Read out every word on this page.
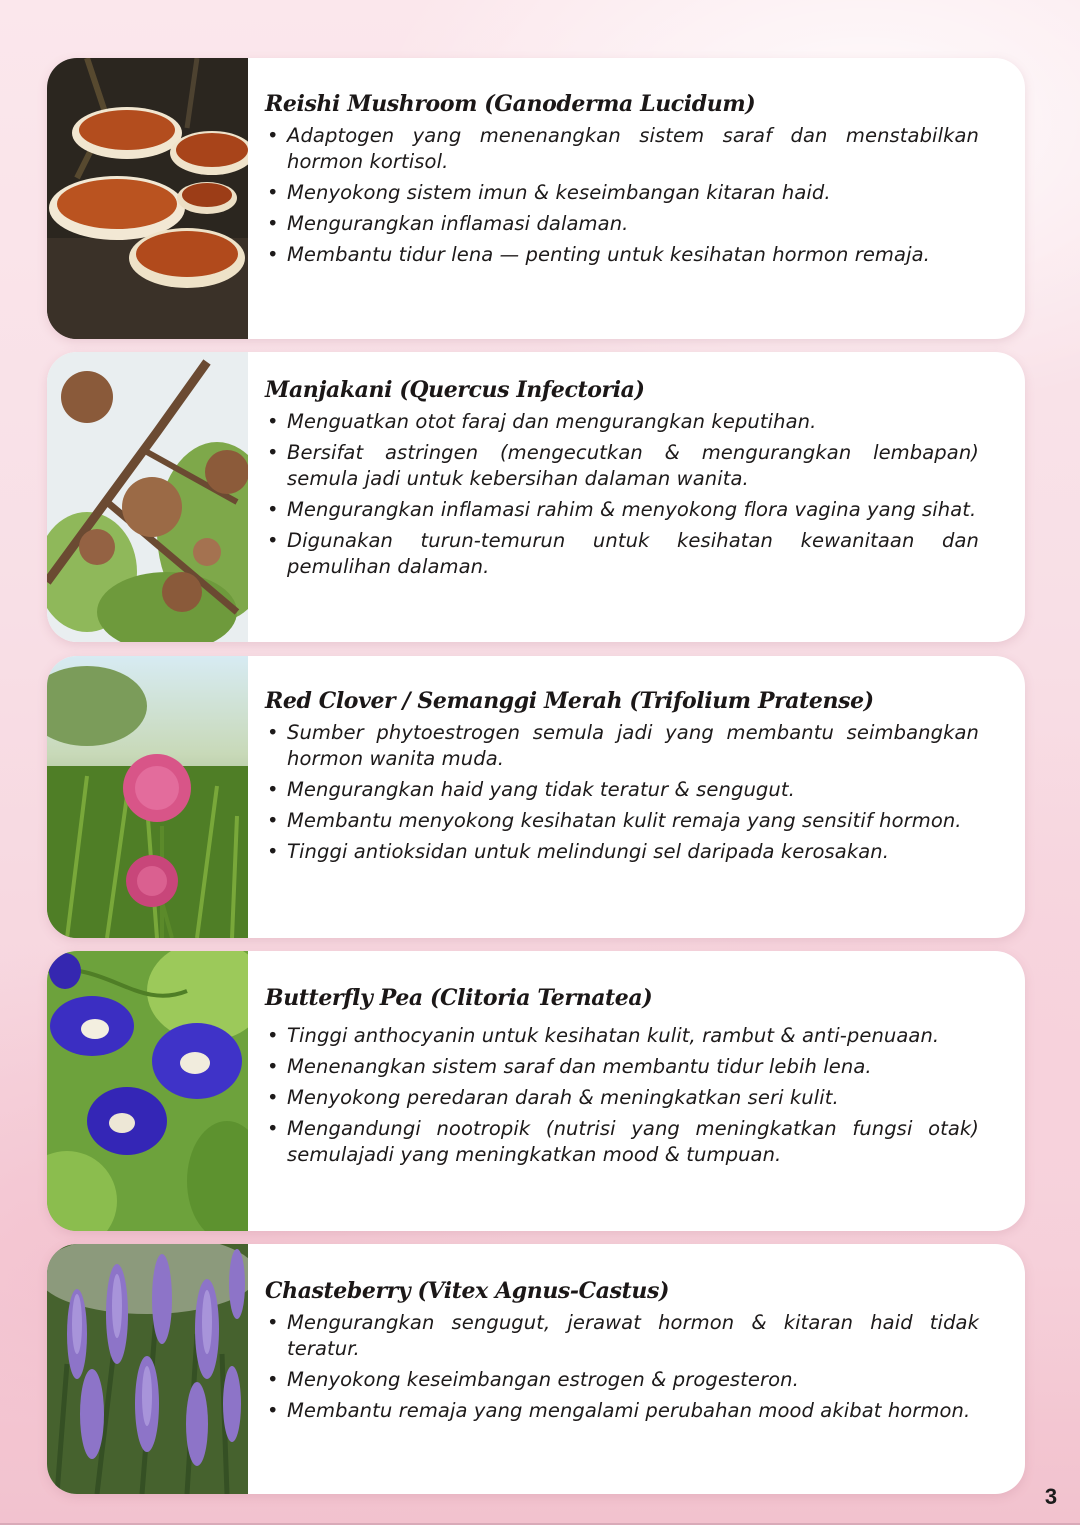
Reishi Mushroom (Ganoderma Lucidum)
• Adaptogen yang menenangkan sistem saraf dan menstabilkan hormon kortisol.
• Menyokong sistem imun & keseimbangan kitaran haid.
• Mengurangkan inflamasi dalaman.
• Membantu tidur lena — penting untuk kesihatan hormon remaja.
Manjakani (Quercus Infectoria)
• Menguatkan otot faraj dan mengurangkan keputihan.
• Bersifat astringen (mengecutkan & mengurangkan lembapan) semula jadi untuk kebersihan dalaman wanita.
• Mengurangkan inflamasi rahim & menyokong flora vagina yang sihat.
• Digunakan turun-temurun untuk kesihatan kewanitaan dan pemulihan dalaman.
Red Clover / Semanggi Merah (Trifolium Pratense)
• Sumber phytoestrogen semula jadi yang membantu seimbangkan hormon wanita muda.
• Mengurangkan haid yang tidak teratur & sengugut.
• Membantu menyokong kesihatan kulit remaja yang sensitif hormon.
• Tinggi antioksidan untuk melindungi sel daripada kerosakan.
Butterfly Pea (Clitoria Ternatea)
• Tinggi anthocyanin untuk kesihatan kulit, rambut & anti-penuaan.
• Menenangkan sistem saraf dan membantu tidur lebih lena.
• Menyokong peredaran darah & meningkatkan seri kulit.
• Mengandungi nootropik (nutrisi yang meningkatkan fungsi otak) semulajadi yang meningkatkan mood & tumpuan.
Chasteberry (Vitex Agnus-Castus)
• Mengurangkan sengugut, jerawat hormon & kitaran haid tidak teratur.
• Menyokong keseimbangan estrogen & progesteron.
• Membantu remaja yang mengalami perubahan mood akibat hormon.
3
